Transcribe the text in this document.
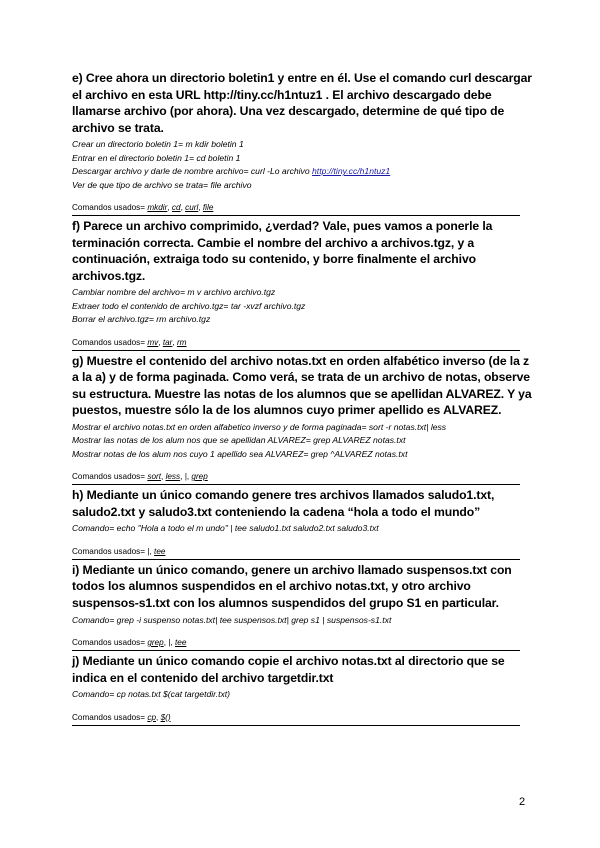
e) Cree ahora un directorio boletin1 y entre en él. Use el comando curl descargar el archivo en esta URL http://tiny.cc/h1ntuz1 . El archivo descargado debe llamarse archivo (por ahora). Una vez descargado, determine de qué tipo de archivo se trata.

Crear un directorio boletin 1= m kdir boletin 1

Entrar en el directorio boletin 1= cd boletin 1

Descargar archivo y darle de nombre archivo= curl -Lo archivo http://tiny.cc/h1ntuz1

Ver de que tipo de archivo se trata= file archivo

Comandos usados= mkdir, cd, curl, file

f) Parece un archivo comprimido, ¿verdad? Vale, pues vamos a ponerle la terminación correcta. Cambie el nombre del archivo a archivos.tgz, y a continuación, extraiga todo su contenido, y borre finalmente el archivo archivos.tgz.

Cambiar nombre del archivo= m v archivo archivo.tgz

Extraer todo el contenido de archivo.tgz= tar -xvzf archivo.tgz

Borrar el archivo.tgz= rm archivo.tgz

Comandos usados= mv, tar, rm

g) Muestre el contenido del archivo notas.txt en orden alfabético inverso (de la z a la a) y de forma paginada. Como verá, se trata de un archivo de notas, observe su estructura. Muestre las notas de los alumnos que se apellidan ALVAREZ. Y ya puestos, muestre sólo la de los alumnos cuyo primer apellido es ALVAREZ.

Mostrar el archivo notas.txt en orden alfabetico inverso y de forma paginada= sort -r notas.txt| less

Mostrar las notas de los alum nos que se apellidan ALVAREZ= grep ALVAREZ notas.txt

Mostrar notas de los alum nos cuyo 1 apellido sea ALVAREZ= grep ^ALVAREZ notas.txt

Comandos usados= sort, less, |, grep

h) Mediante un único comando genere tres archivos llamados saludo1.txt, saludo2.txt y saludo3.txt conteniendo la cadena “hola a todo el mundo”

Comando= echo "Hola a todo el m undo" | tee saludo1.txt saludo2.txt saludo3.txt

Comandos usados= |, tee

i) Mediante un único comando, genere un archivo llamado suspensos.txt con todos los alumnos suspendidos en el archivo notas.txt, y otro archivo suspensos-s1.txt con los alumnos suspendidos del grupo S1 en particular.

Comando= grep -i suspenso notas.txt| tee suspensos.txt| grep s1 | suspensos-s1.txt

Comandos usados= grep, |, tee

j) Mediante un único comando copie el archivo notas.txt al directorio que se indica en el contenido del archivo targetdir.txt

Comando= cp notas.txt $(cat targetdir.txt)

Comandos usados= cp, $()
2
